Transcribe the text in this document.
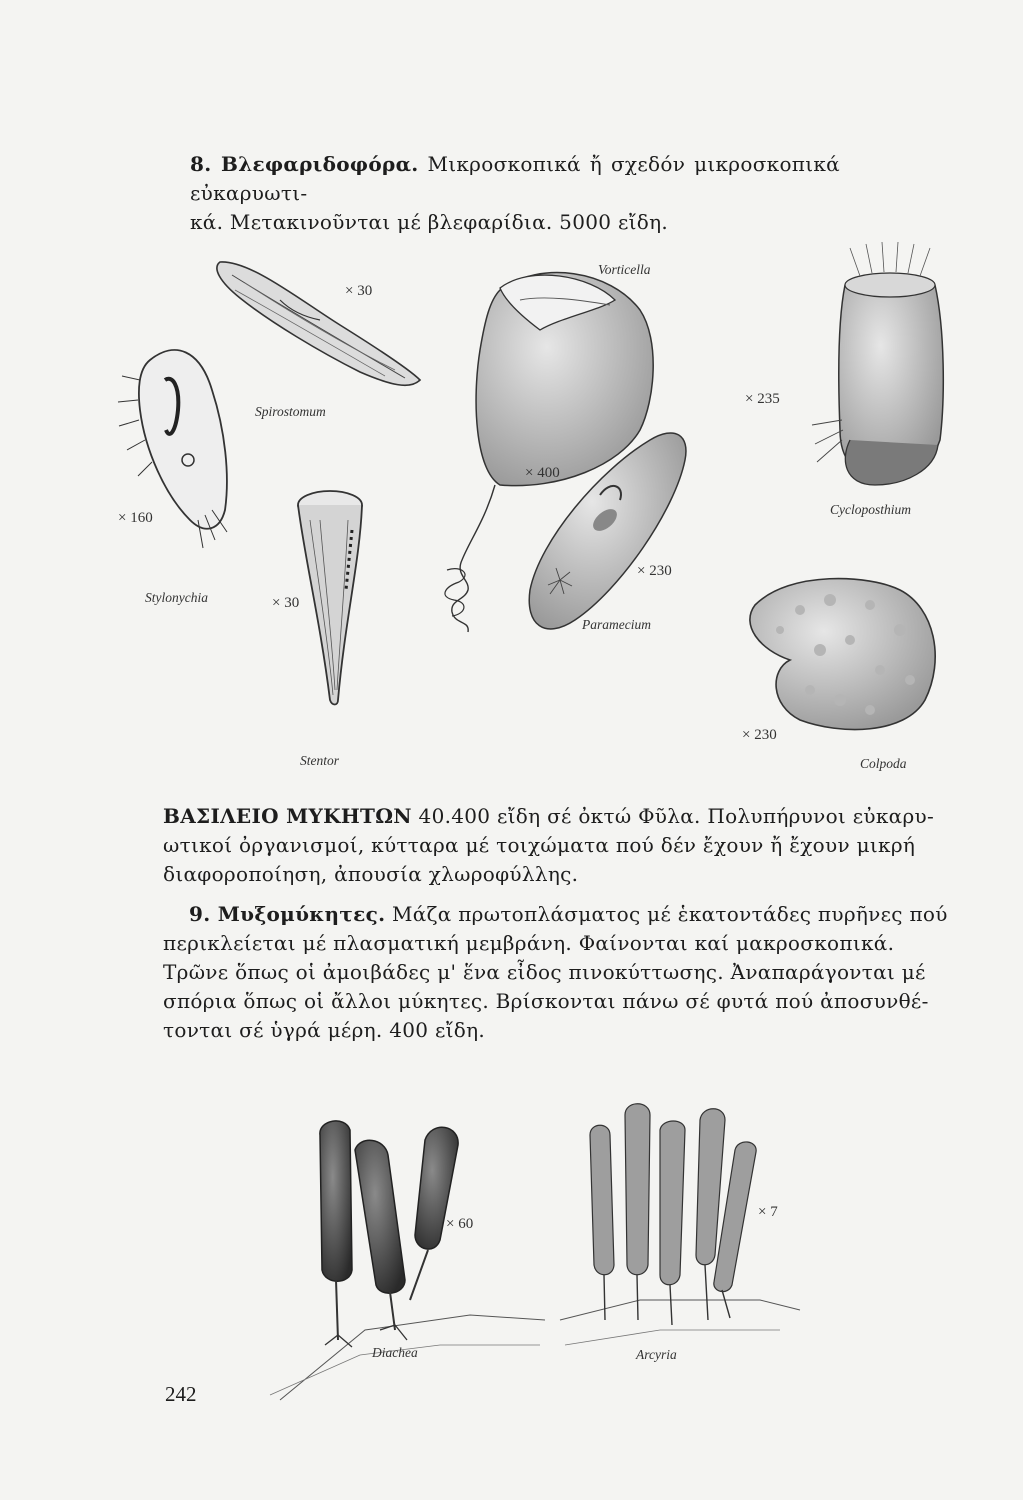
8. Βλεφαριδοφόρα. Μικροσκοπικά ἤ σχεδόν μικροσκοπικά εὐκαρυωτι-
κά. Μετακινοῦνται μέ βλεφαρίδια. 5000 εἴδη.

Vorticella
× 30
Spirostomum
× 235
× 400
× 160
Cycloposthium
× 230
Stylonychia	× 30
Paramecium
× 230
Stentor	Colpoda

ΒΑΣΙΛΕΙΟ ΜΥΚΗΤΩΝ 40.400 εἴδη σέ ὀκτώ Φῦλα. Πολυπήρυνοι εὐκαρυ-
ωτικοί ὀργανισμοί, κύτταρα μέ τοιχώματα πού δέν ἔχουν ἤ ἔχουν μικρή
διαφοροποίηση, ἀπουσία χλωροφύλλης.

9. Μυξομύκητες. Μάζα πρωτοπλάσματος μέ ἑκατοντάδες πυρῆνες πού
περικλείεται μέ πλασματική μεμβράνη. Φαίνονται καί μακροσκοπικά.
Τρῶνε ὅπως οἱ ἀμοιβάδες μ' ἕνα εἶδος πινοκύττωσης. Ἀναπαράγονται μέ
σπόρια ὅπως οἱ ἄλλοι μύκητες. Βρίσκονται πάνω σέ φυτά πού ἀποσυνθέ-
τονται σέ ὑγρά μέρη. 400 εἴδη.

× 60
× 7
Diachea	Arcyria
242
